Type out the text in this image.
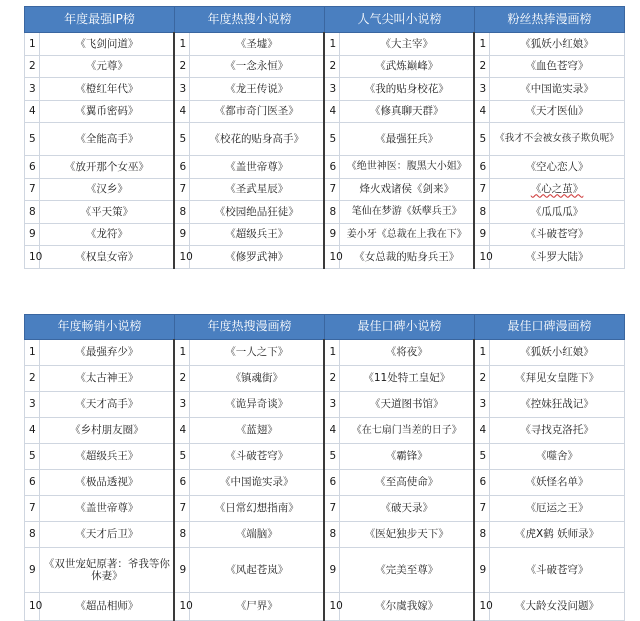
年度最强IP榜		年度热搜小说榜		人气尖叫小说榜		粉丝热捧漫画榜	
1	《飞剑问道》	1	《圣墟》	1	《大主宰》	1	《狐妖小红娘》
2	《元尊》	2	《一念永恒》	2	《武炼巅峰》	2	《血色苍穹》
3	《橙红年代》	3	《龙王传说》	3	《我的贴身校花》	3	《中国诡实录》
4	《翼币密码》	4	《都市奇门医圣》	4	《修真聊天群》	4	《天才医仙》
5	《全能高手》	5	《校花的贴身高手》	5	《最强狂兵》	5	《我才不会被女孩子欺负呢》
6	《放开那个女巫》	6	《盖世帝尊》	6	《绝世神医：腹黑大小姐》	6	《空心恋人》
7	《汉乡》	7	《圣武星辰》	7	烽火戏诸侯《剑来》	7	《心之茧》
8	《平天策》	8	《校园绝品狂徒》	8	笔仙在梦游《妖孽兵王》	8	《瓜瓜瓜》
9	《龙符》	9	《超级兵王》	9	姜小牙《总裁在上我在下》	9	《斗破苍穹》
10	《权皇女帝》	10	《修罗武神》	10	《女总裁的贴身兵王》	10	《斗罗大陆》
年度畅销小说榜		年度热搜漫画榜		最佳口碑小说榜		最佳口碑漫画榜	
1	《最强弃少》	1	《一人之下》	1	《将夜》	1	《狐妖小红娘》
2	《太古神王》	2	《镇魂街》	2	《11处特工皇妃》	2	《拜见女皇陛下》
3	《天才高手》	3	《诡异奇谈》	3	《天道图书馆》	3	《控妹狂战记》
4	《乡村朋友圈》	4	《蓝翅》	4	《在七扇门当差的日子》	4	《寻找克洛托》
5	《超级兵王》	5	《斗破苍穹》	5	《霸锋》	5	《噬舍》
6	《极品透视》	6	《中国诡实录》	6	《至高使命》	6	《妖怪名单》
7	《盖世帝尊》	7	《日常幻想指南》	7	《破天录》	7	《厄运之王》
8	《天才后卫》	8	《端脑》	8	《医妃独步天下》	8	《虎X鹤 妖师录》
9	《双世宠妃原著：爷我等你休妻》	9	《风起苍岚》	9	《完美至尊》	9	《斗破苍穹》
10	《超品相师》	10	《尸界》	10	《尔虞我嫁》	10	《大龄女没问题》
